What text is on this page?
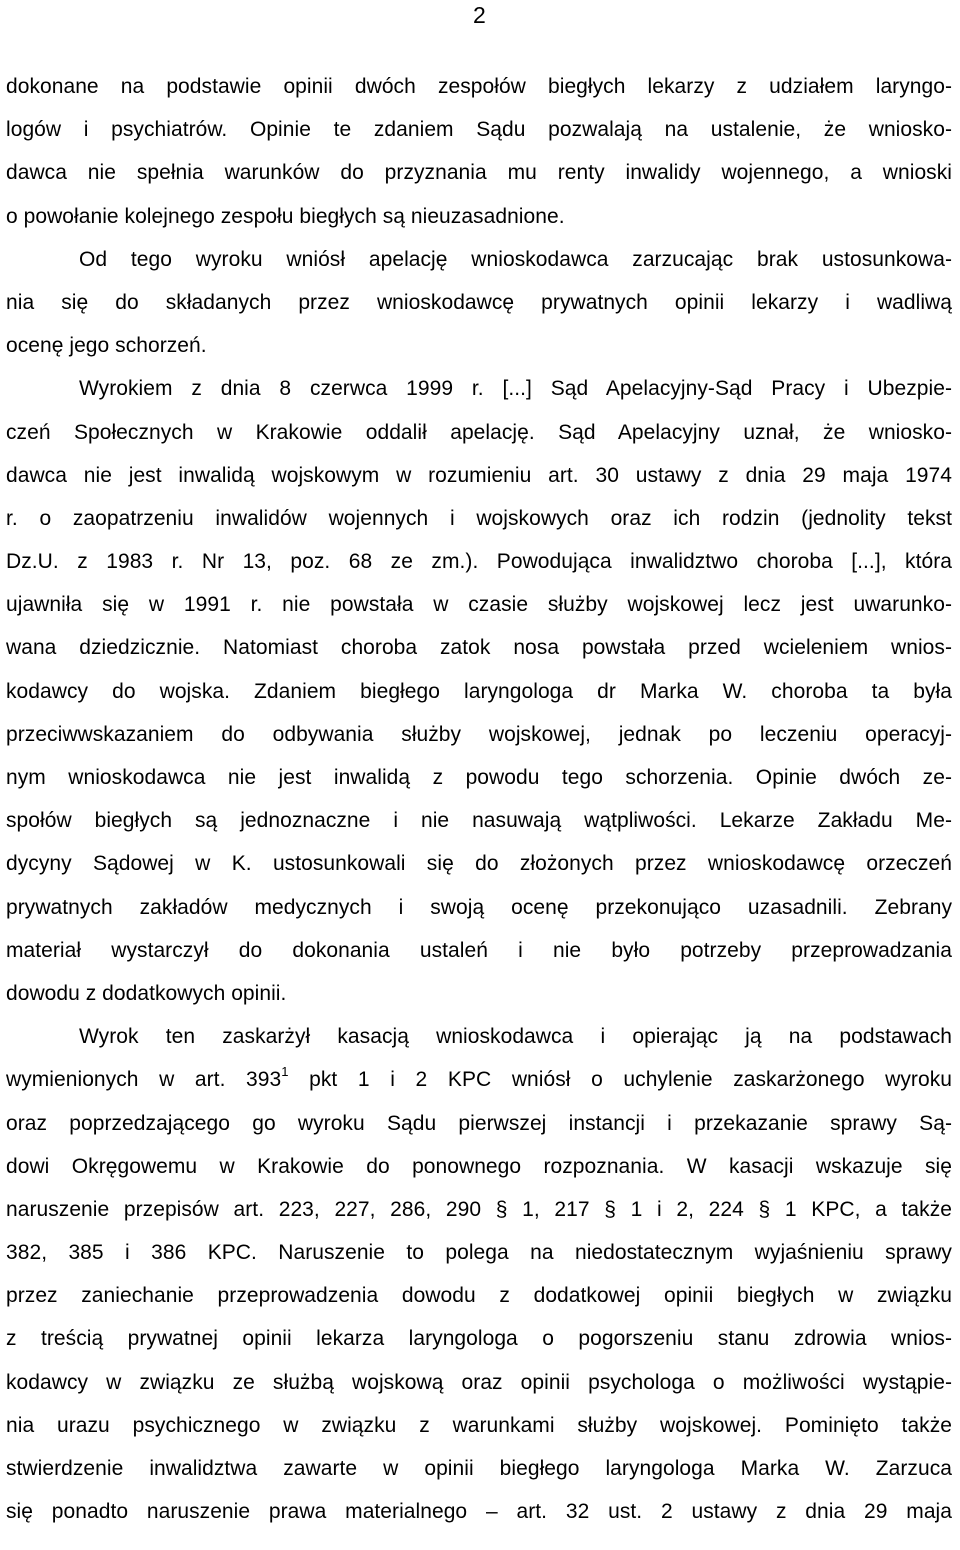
2
dokonane na podstawie opinii dwóch zespołów biegłych lekarzy z udziałem laryngo-
logów i psychiatrów. Opinie te zdaniem Sądu pozwalają na ustalenie, że wniosko-
dawca nie spełnia warunków do przyznania mu renty inwalidy wojennego, a wnioski
o powołanie kolejnego zespołu biegłych są nieuzasadnione.
Od tego wyroku wniósł apelację wnioskodawca zarzucając brak ustosunkowa-
nia się do składanych przez wnioskodawcę prywatnych opinii lekarzy i wadliwą
ocenę jego schorzeń.
Wyrokiem z dnia 8 czerwca 1999 r. [...] Sąd Apelacyjny-Sąd Pracy i Ubezpie-
czeń Społecznych w Krakowie oddalił apelację. Sąd Apelacyjny uznał, że wniosko-
dawca nie jest inwalidą wojskowym w rozumieniu art. 30 ustawy z dnia 29 maja 1974
r. o zaopatrzeniu inwalidów wojennych i wojskowych oraz ich rodzin (jednolity tekst
Dz.U. z 1983 r. Nr 13, poz. 68 ze zm.). Powodująca inwalidztwo choroba [...], która
ujawniła się w 1991 r. nie powstała w czasie służby wojskowej lecz jest uwarunko-
wana dziedzicznie. Natomiast choroba zatok nosa powstała przed wcieleniem wnios-
kodawcy do wojska. Zdaniem biegłego laryngologa dr Marka W. choroba ta była
przeciwwskazaniem do odbywania służby wojskowej, jednak po leczeniu operacyj-
nym wnioskodawca nie jest inwalidą z powodu tego schorzenia. Opinie dwóch ze-
społów biegłych są jednoznaczne i nie nasuwają wątpliwości. Lekarze Zakładu Me-
dycyny Sądowej w K. ustosunkowali się do złożonych przez wnioskodawcę orzeczeń
prywatnych zakładów medycznych i swoją ocenę przekonująco uzasadnili. Zebrany
materiał wystarczył do dokonania ustaleń i nie było potrzeby przeprowadzania
dowodu z dodatkowych opinii.
Wyrok ten zaskarżył kasacją wnioskodawca i opierając ją na podstawach
wymienionych w art. $393^1$ pkt 1 i 2 KPC wniósł o uchylenie zaskarżonego wyroku
oraz poprzedzającego go wyroku Sądu pierwszej instancji i przekazanie sprawy Są-
dowi Okręgowemu w Krakowie do ponownego rozpoznania. W kasacji wskazuje się
naruszenie przepisów art. 223, 227, 286, 290 § 1, 217 § 1 i 2, 224 § 1 KPC, a także
382, 385 i 386 KPC. Naruszenie to polega na niedostatecznym wyjaśnieniu sprawy
przez zaniechanie przeprowadzenia dowodu z dodatkowej opinii biegłych w związku
z treścią prywatnej opinii lekarza laryngologa o pogorszeniu stanu zdrowia wnios-
kodawcy w związku ze służbą wojskową oraz opinii psychologa o możliwości wystąpie-
nia urazu psychicznego w związku z warunkami służby wojskowej. Pominięto także
stwierdzenie inwalidztwa zawarte w opinii biegłego laryngologa Marka W. Zarzuca
się ponadto naruszenie prawa materialnego – art. 32 ust. 2 ustawy z dnia 29 maja
